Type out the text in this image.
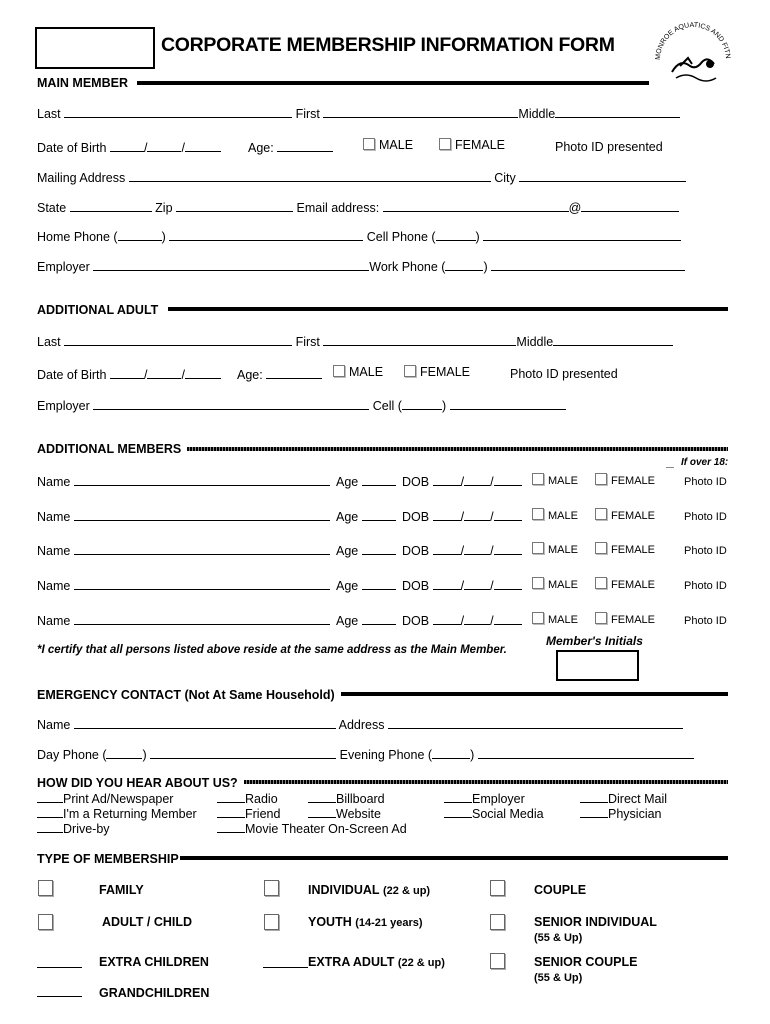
CORPORATE MEMBERSHIP INFORMATION FORM
MONROE AQUATICS AND FITN
MAIN MEMBER
Last	First	Middle
Date of Birth	/	/	Age:	MALE	FEMALE	Photo ID presented
Mailing Address	City
State	Zip	Email address:	@
Home Phone (	)	Cell Phone (	)
Employer	Work Phone (	)
ADDITIONAL ADULT
Last	First	Middle
Date of Birth	/	/	Age:	MALE	FEMALE	Photo ID presented
Employer	Cell (	)
ADDITIONAL MEMBERS
If over 18:
Name	Age	DOB	/ /	MALE	FEMALE	Photo ID
Name	Age	DOB	/ /	MALE	FEMALE	Photo ID
Name	Age	DOB	/ /	MALE	FEMALE	Photo ID
Name	Age	DOB	/ /	MALE	FEMALE	Photo ID
Name	Age	DOB	/ /	MALE	FEMALE	Photo ID
Member's Initials
*I certify that all persons listed above reside at the same address as the Main Member.
EMERGENCY CONTACT (Not At Same Household)
Name	Address
Day Phone (	)	Evening Phone (	)
HOW DID YOU HEAR ABOUT US?
Print Ad/Newspaper
I'm a Returning Member
Drive-by
Radio
Friend
Movie Theater On-Screen Ad
Billboard
Website
Employer
Social Media
Direct Mail
Physician
TYPE OF MEMBERSHIP
FAMILY	INDIVIDUAL (22 & up)	COUPLE
ADULT / CHILD	YOUTH (14-21 years)	SENIOR INDIVIDUAL
(55 & Up)
EXTRA CHILDREN	EXTRA ADULT (22 & up)	SENIOR COUPLE
(55 & Up)
GRANDCHILDREN
